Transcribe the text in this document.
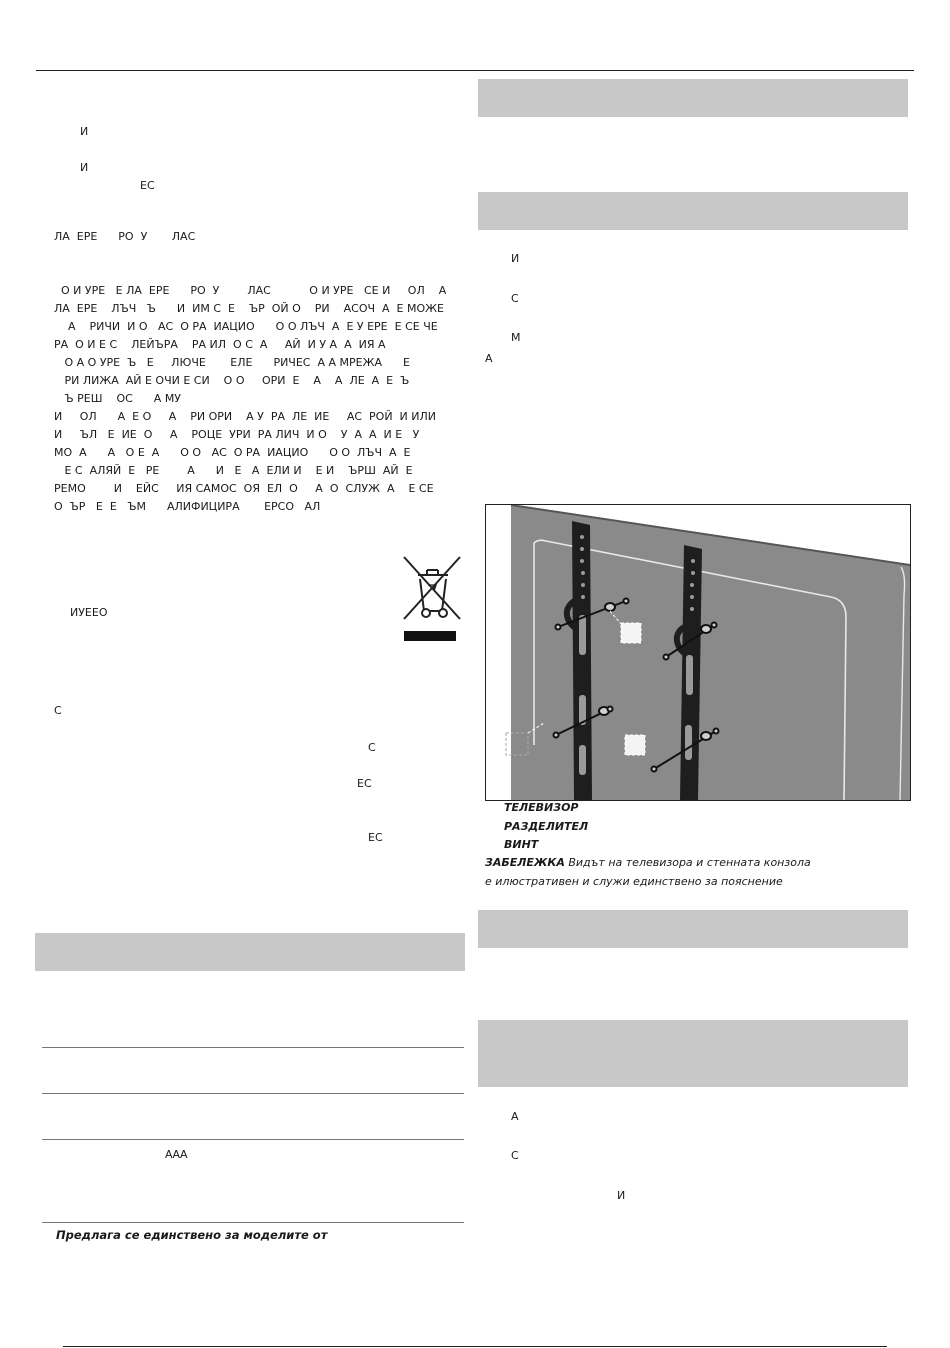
И
И
ЕС
ЛА  ЕРЕ      РО  У       ЛАС
О И УРЕ   Е ЛА  ЕРЕ      РО  У        ЛАС           О И УРЕ   СЕ И     ОЛ    А
ЛА  ЕРЕ    ЛЪЧ   Ъ      И  ИМ С  Е    ЪР  ОЙ О    РИ    АСОЧ  А  Е МОЖЕ
А    РИЧИ  И О   АС  О РА  ИАЦИО      О О ЛЪЧ  А  Е У ЕРЕ  Е СЕ ЧЕ
РА  О И Е С    ЛЕЙЪРА    РА ИЛ  О С  А     АЙ  И У А  А  ИЯ А
О А О УРЕ  Ъ   Е     ЛЮЧЕ       ЕЛЕ      РИЧЕС  А А МРЕЖА      Е
РИ ЛИЖА  АЙ Е ОЧИ Е СИ    О О     ОРИ  Е    А    А  ЛЕ  А  Е  Ъ
Ъ РЕШ    ОС      А МУ
И     ОЛ      А  Е О     А    РИ ОРИ    А У  РА  ЛЕ  ИЕ     АС  РОЙ  И ИЛИ
И     ЪЛ   Е  ИЕ  О     А    РОЦЕ  УРИ  РА ЛИЧ  И О    У  А  А  И Е   У
МО  А      А   О Е  А      О О   АС  О РА  ИАЦИО      О О  ЛЪЧ  А  Е
Е С  АЛЯЙ  Е   РЕ        А      И   Е   А  ЕЛИ И    Е И    ЪРШ  АЙ  Е
РЕМО        И    ЕЙС     ИЯ САМОС  ОЯ  ЕЛ  О     А  О  СЛУЖ  А    Е СЕ
О  ЪР   Е  Е   ЪМ      АЛИФИЦИРА       ЕРСО   АЛ
ИУЕЕО
С
С
ЕС
ЕС
ААА
Предлага се единствено за моделите от
И
С
М
А
ТЕЛЕВИЗОР
РАЗДЕЛИТЕЛ
ВИНТ
ЗАБЕЛЕЖКА Видът на телевизора и стенната конзола
е илюстративен и служи единствено за пояснение
А
С
И
